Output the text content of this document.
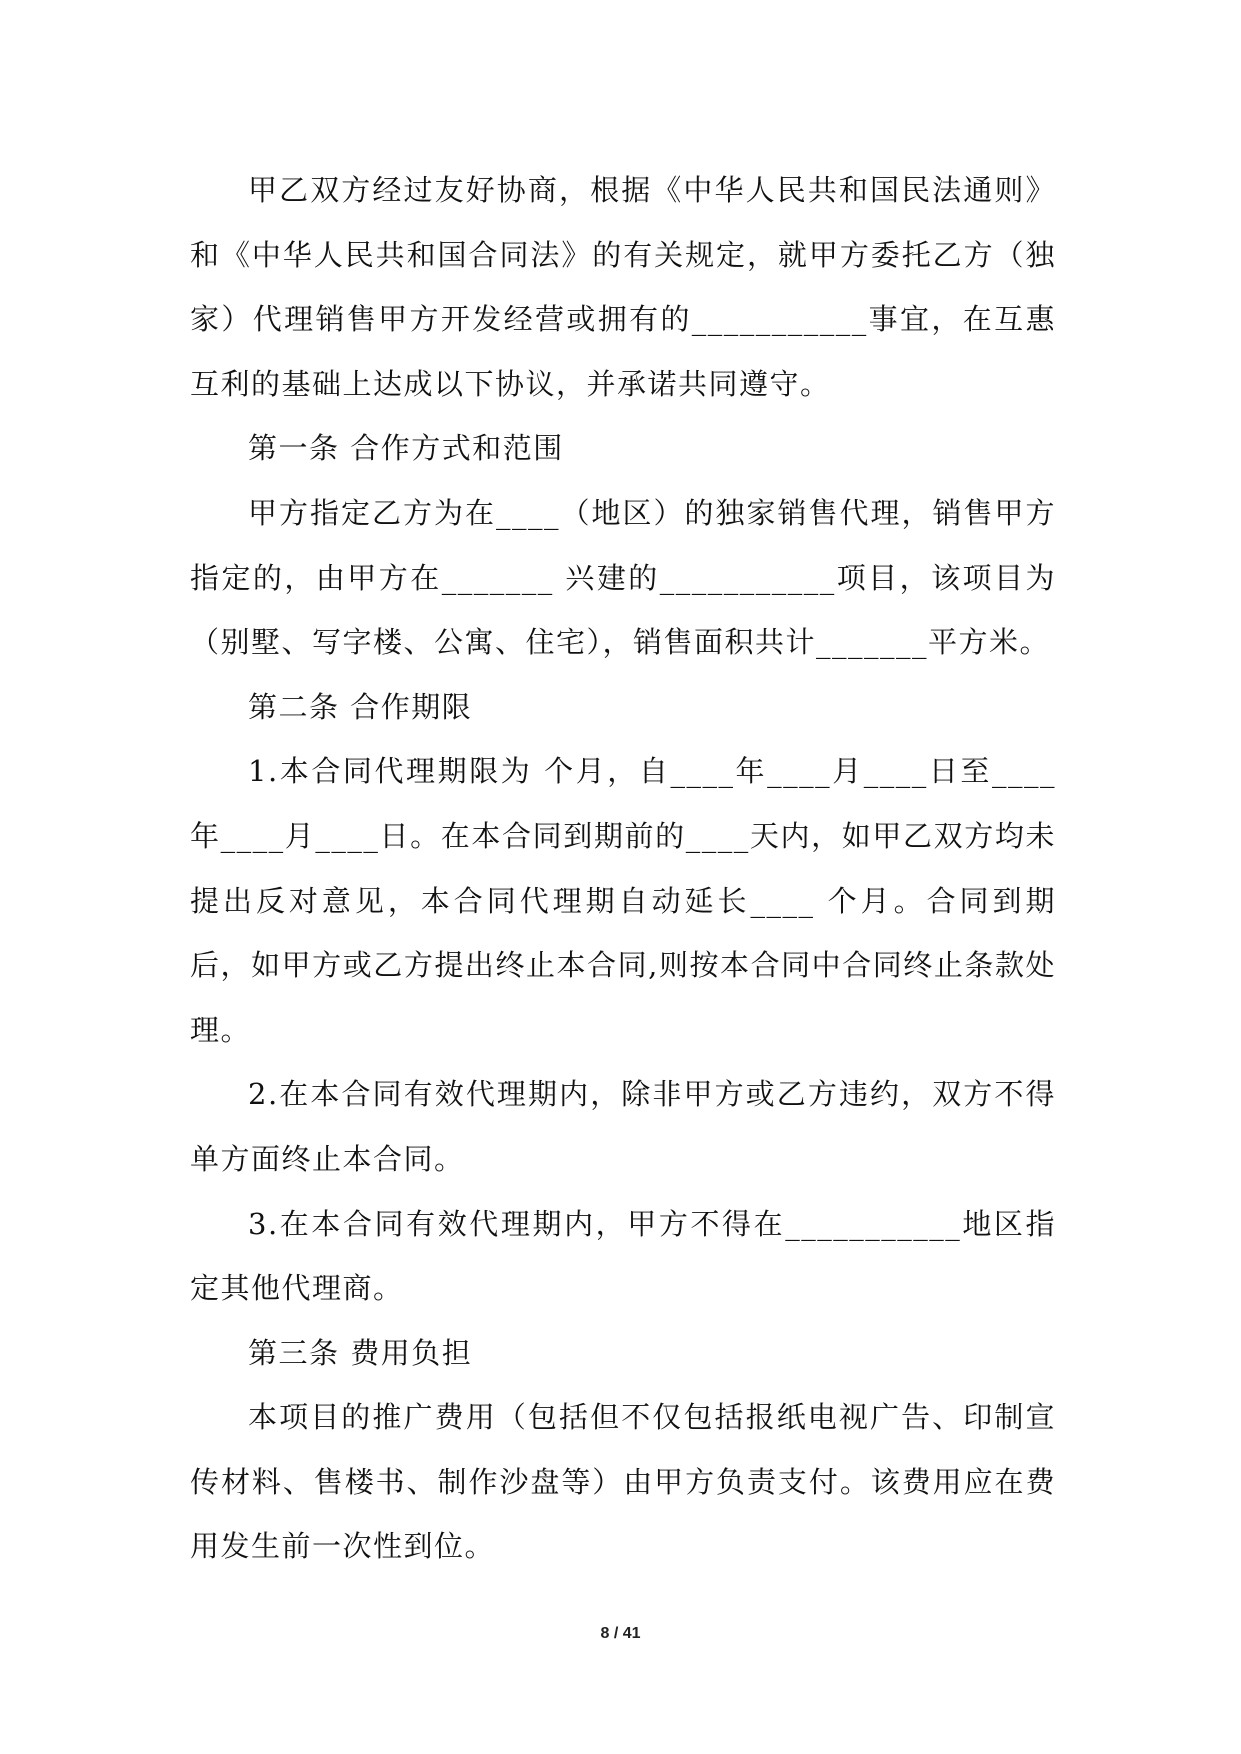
甲乙双方经过友好协商，根据《中华人民共和国民法通则》和《中华人民共和国合同法》的有关规定，就甲方委托乙方（独家）代理销售甲方开发经营或拥有的___________事宜，在互惠互利的基础上达成以下协议，并承诺共同遵守。

第一条 合作方式和范围

甲方指定乙方为在____（地区）的独家销售代理，销售甲方指定的，由甲方在_______ 兴建的___________项目，该项目为（别墅、写字楼、公寓、住宅），销售面积共计_______平方米。

第二条 合作期限

1.本合同代理期限为 个月，自____年____月____日至____年____月____日。在本合同到期前的____天内，如甲乙双方均未提出反对意见，本合同代理期自动延长____ 个月。合同到期后，如甲方或乙方提出终止本合同,则按本合同中合同终止条款处理。

2.在本合同有效代理期内，除非甲方或乙方违约，双方不得单方面终止本合同。

3.在本合同有效代理期内，甲方不得在___________地区指定其他代理商。

第三条 费用负担

本项目的推广费用（包括但不仅包括报纸电视广告、印制宣传材料、售楼书、制作沙盘等）由甲方负责支付。该费用应在费用发生前一次性到位。

8 / 41
